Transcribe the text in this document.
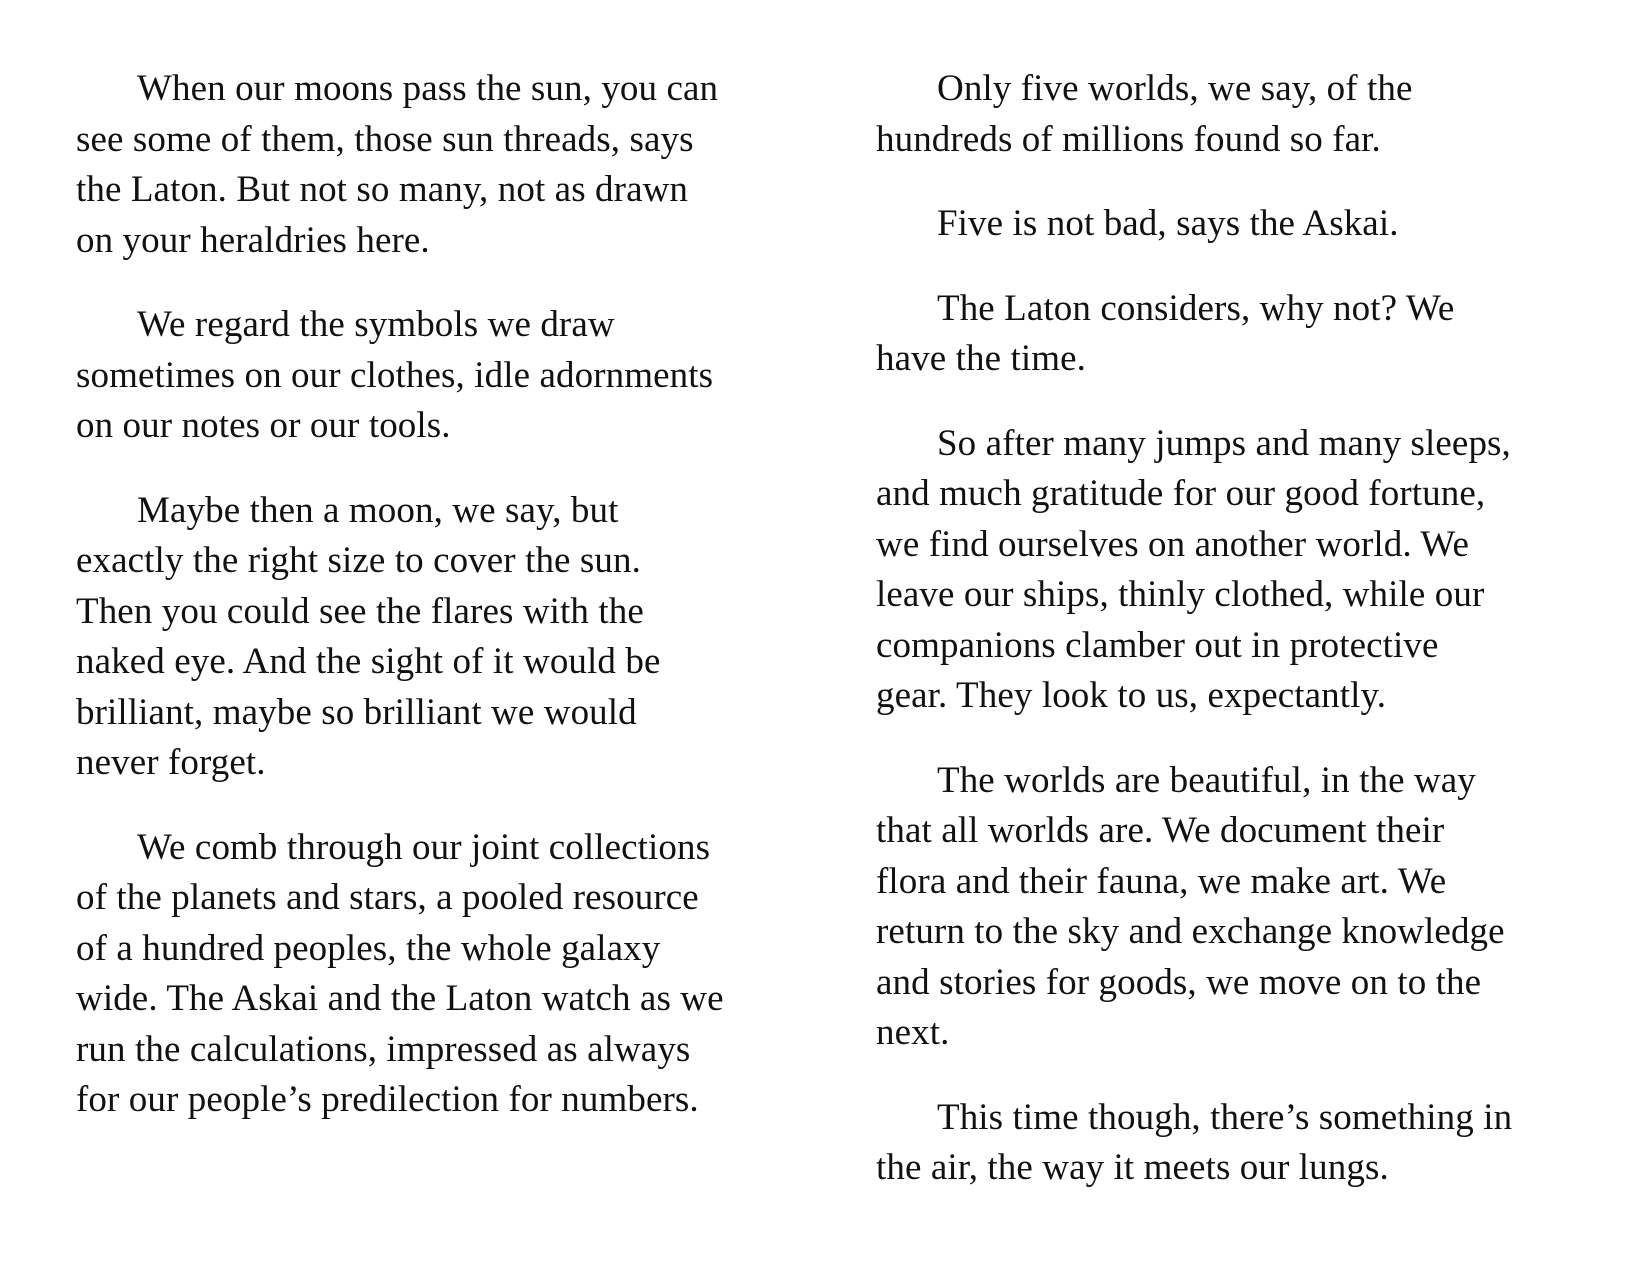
When our moons pass the sun, you can
see some of them, those sun threads, says
the Laton. But not so many, not as drawn
on your heraldries here.

We regard the symbols we draw
sometimes on our clothes, idle adornments
on our notes or our tools.

Maybe then a moon, we say, but
exactly the right size to cover the sun.
Then you could see the flares with the
naked eye. And the sight of it would be
brilliant, maybe so brilliant we would
never forget.

We comb through our joint collections
of the planets and stars, a pooled resource
of a hundred peoples, the whole galaxy
wide. The Askai and the Laton watch as we
run the calculations, impressed as always
for our people’s predilection for numbers.

Only five worlds, we say, of the
hundreds of millions found so far.

Five is not bad, says the Askai.

The Laton considers, why not? We
have the time.

So after many jumps and many sleeps,
and much gratitude for our good fortune,
we find ourselves on another world. We
leave our ships, thinly clothed, while our
companions clamber out in protective
gear. They look to us, expectantly.

The worlds are beautiful, in the way
that all worlds are. We document their
flora and their fauna, we make art. We
return to the sky and exchange knowledge
and stories for goods, we move on to the
next.

This time though, there’s something in
the air, the way it meets our lungs.
